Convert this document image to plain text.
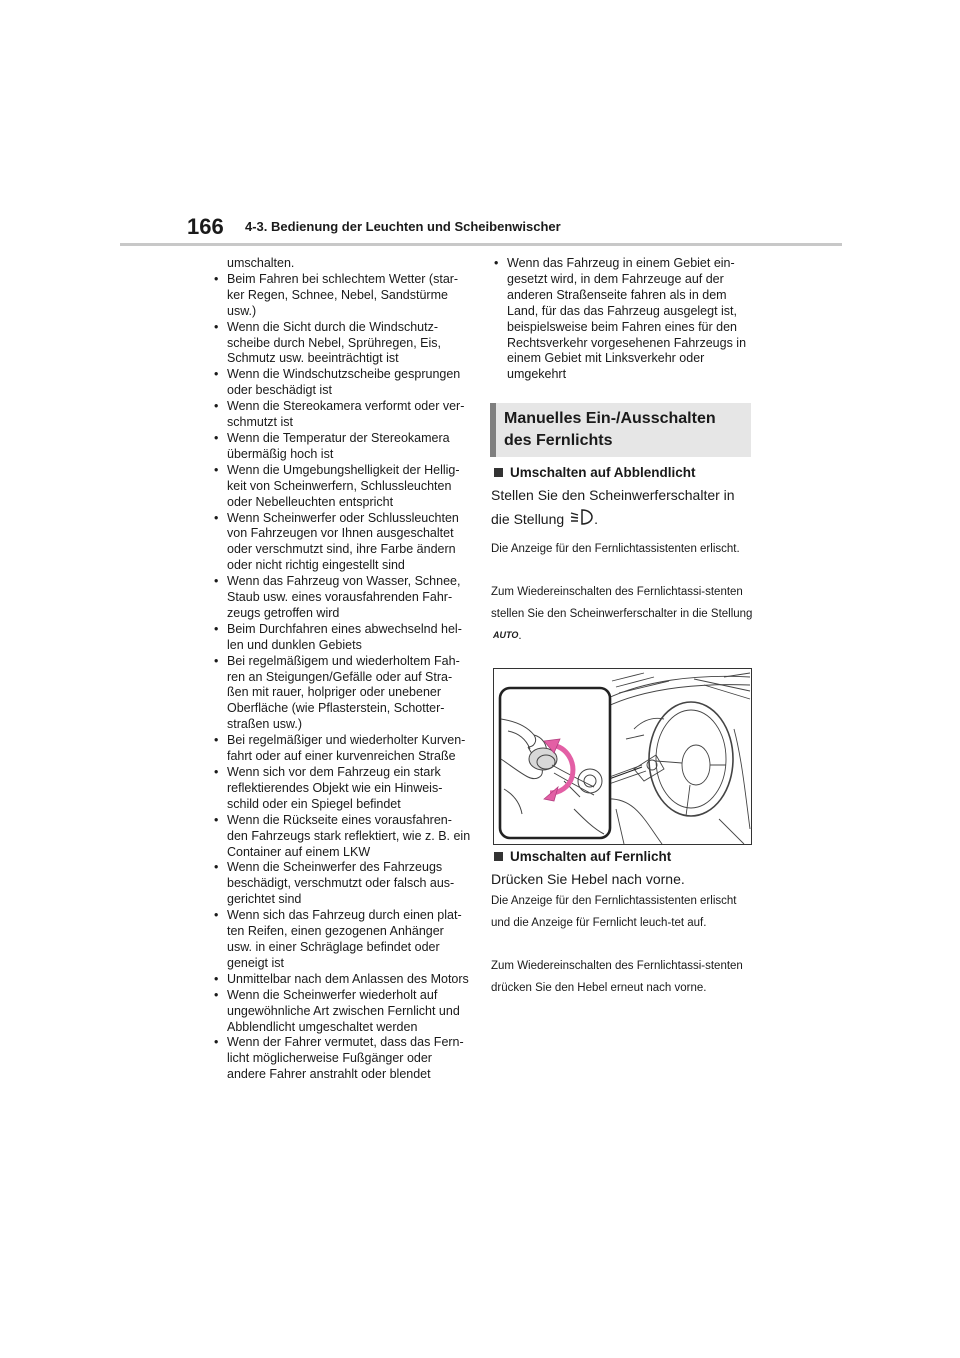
166 4-3. Bedienung der Leuchten und Scheibenwischer
umschalten.
• Beim Fahren bei schlechtem Wetter (star-ker Regen, Schnee, Nebel, Sandstürme usw.)
• Wenn die Sicht durch die Windschutz-scheibe durch Nebel, Sprühregen, Eis, Schmutz usw. beeinträchtigt ist
• Wenn die Windschutzscheibe gesprungen oder beschädigt ist
• Wenn die Stereokamera verformt oder ver-schmutzt ist
• Wenn die Temperatur der Stereokamera übermäßig hoch ist
• Wenn die Umgebungshelligkeit der Hellig-keit von Scheinwerfern, Schlussleuchten oder Nebelleuchten entspricht
• Wenn Scheinwerfer oder Schlussleuchten von Fahrzeugen vor Ihnen ausgeschaltet oder verschmutzt sind, ihre Farbe ändern oder nicht richtig eingestellt sind
• Wenn das Fahrzeug von Wasser, Schnee, Staub usw. eines vorausfahrenden Fahr-zeugs getroffen wird
• Beim Durchfahren eines abwechselnd hel-len und dunklen Gebiets
• Bei regelmäßigem und wiederholtem Fah-ren an Steigungen/Gefälle oder auf Stra-ßen mit rauer, holpriger oder unebener Oberfläche (wie Pflasterstein, Schotter-straßen usw.)
• Bei regelmäßiger und wiederholter Kurven-fahrt oder auf einer kurvenreichen Straße
• Wenn sich vor dem Fahrzeug ein stark reflektierendes Objekt wie ein Hinweis-schild oder ein Spiegel befindet
• Wenn die Rückseite eines vorausfahren-den Fahrzeugs stark reflektiert, wie z. B. ein Container auf einem LKW
• Wenn die Scheinwerfer des Fahrzeugs beschädigt, verschmutzt oder falsch aus-gerichtet sind
• Wenn sich das Fahrzeug durch einen plat-ten Reifen, einen gezogenen Anhänger usw. in einer Schräglage befindet oder geneigt ist
• Unmittelbar nach dem Anlassen des Motors
• Wenn die Scheinwerfer wiederholt auf ungewöhnliche Art zwischen Fernlicht und Abblendlicht umgeschaltet werden
• Wenn der Fahrer vermutet, dass das Fern-licht möglicherweise Fußgänger oder andere Fahrer anstrahlt oder blendet
• Wenn das Fahrzeug in einem Gebiet ein-gesetzt wird, in dem Fahrzeuge auf der anderen Straßenseite fahren als in dem Land, für das das Fahrzeug ausgelegt ist, beispielsweise beim Fahren eines für den Rechtsverkehr vorgesehenen Fahrzeugs in einem Gebiet mit Linksverkehr oder umgekehrt
Manuelles Ein-/Ausschalten
des Fernlichts
Umschalten auf Abblendlicht
Stellen Sie den Scheinwerferschalter in die Stellung .
Die Anzeige für den Fernlichtassistenten erlischt.
Zum Wiedereinschalten des Fernlichtassi-stenten stellen Sie den Scheinwerferschalter in die Stellung AUTO.
Umschalten auf Fernlicht
Drücken Sie Hebel nach vorne.
Die Anzeige für den Fernlichtassistenten erlischt und die Anzeige für Fernlicht leuch-tet auf.
Zum Wiedereinschalten des Fernlichtassi-stenten drücken Sie den Hebel erneut nach vorne.
